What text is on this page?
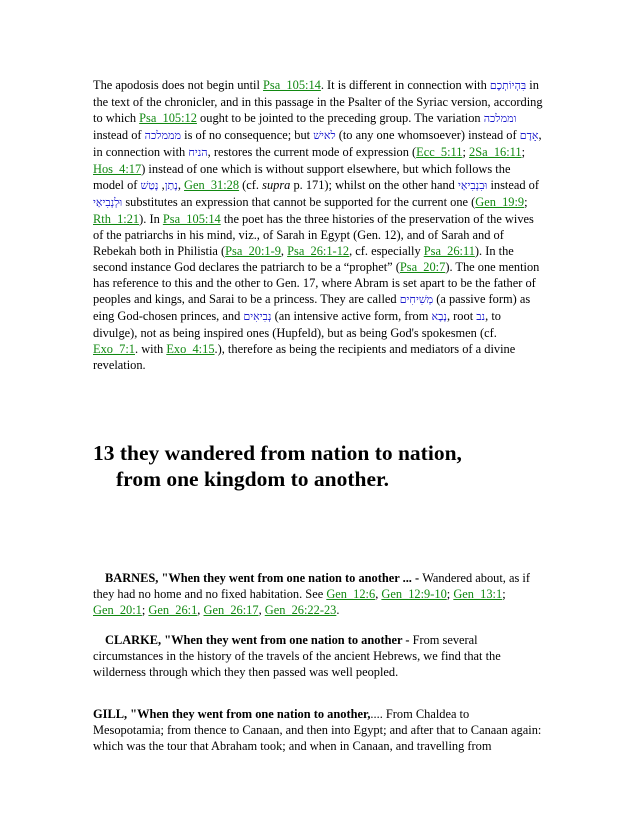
The apodosis does not begin until Psa_105:14. It is different in connection with בִּהְיוֹתְכֶם in the text of the chronicler, and in this passage in the Psalter of the Syriac version, according to which Psa_105:12 ought to be jointed to the preceding group. The variation וממלכה instead of מממלכה is of no consequence; but לאישׁ (to any one whomsoever) instead of אָדָם, in connection with הניח, restores the current mode of expression (Ecc_5:11; 2Sa_16:11; Hos_4:17) instead of one which is without support elsewhere, but which follows the model of נָתַן, נָטַשׁ , Gen_31:28 (cf. supra p. 171); whilst on the other hand וּבִנְבִיאַי instead of וּלְנְבִיאַי substitutes an expression that cannot be supported for the current one (Gen_19:9; Rth_1:21). In Psa_105:14 the poet has the three histories of the preservation of the wives of the patriarchs in his mind, viz., of Sarah in Egypt (Gen. 12), and of Sarah and of Rebekah both in Philistia (Psa_20:1-9, Psa_26:1-12, cf. especially Psa_26:11). In the second instance God declares the patriarch to be a “prophet” (Psa_20:7). The one mention has reference to this and the other to Gen. 17, where Abram is set apart to be the father of peoples and kings, and Sarai to be a princess. They are called מְשִׁיחִים (a passive form) as eing God-chosen princes, and נְבִיאִים (an intensive active form, from נָבָא, root נב, to divulge), not as being inspired ones (Hupfeld), but as being God's spokesmen (cf. Exo_7:1. with Exo_4:15.), therefore as being the recipients and mediators of a divine revelation.

13 they wandered from nation to nation,
from one kingdom to another.

BARNES, "When they went from one nation to another ... - Wandered about, as if they had no home and no fixed habitation. See Gen_12:6, Gen_12:9-10; Gen_13:1; Gen_20:1; Gen_26:1, Gen_26:17, Gen_26:22-23.

CLARKE, "When they went from one nation to another - From several circumstances in the history of the travels of the ancient Hebrews, we find that the wilderness through which they then passed was well peopled.

GILL, "When they went from one nation to another,.... From Chaldea to Mesopotamia; from thence to Canaan, and then into Egypt; and after that to Canaan again: which was the tour that Abraham took; and when in Canaan, and travelling from
